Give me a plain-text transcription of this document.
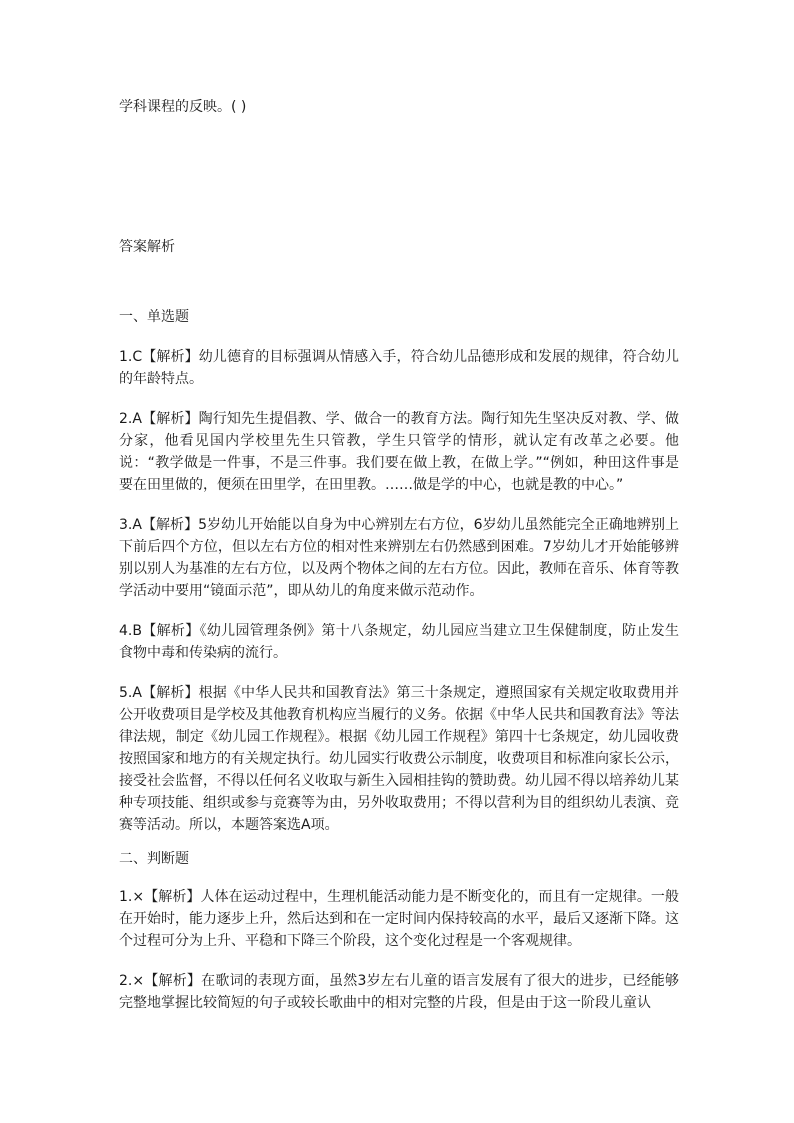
学科课程的反映。( )

答案解析

一、单选题

1.C【解析】幼儿德育的目标强调从情感入手，符合幼儿品德形成和发展的规律，符合幼儿的年龄特点。

2.A【解析】陶行知先生提倡教、学、做合一的教育方法。陶行知先生坚决反对教、学、做分家，他看见国内学校里先生只管教，学生只管学的情形，就认定有改革之必要。他说：“教学做是一件事，不是三件事。我们要在做上教，在做上学。”“例如，种田这件事是要在田里做的，便须在田里学，在田里教。……做是学的中心，也就是教的中心。”

3.A【解析】5岁幼儿开始能以自身为中心辨别左右方位，6岁幼儿虽然能完全正确地辨别上下前后四个方位，但以左右方位的相对性来辨别左右仍然感到困难。7岁幼儿才开始能够辨别以别人为基准的左右方位，以及两个物体之间的左右方位。因此，教师在音乐、体育等教学活动中要用“镜面示范”，即从幼儿的角度来做示范动作。

4.B【解析】《幼儿园管理条例》第十八条规定，幼儿园应当建立卫生保健制度，防止发生食物中毒和传染病的流行。

5.A【解析】根据《中华人民共和国教育法》第三十条规定，遵照国家有关规定收取费用并公开收费项目是学校及其他教育机构应当履行的义务。依据《中华人民共和国教育法》等法律法规，制定《幼儿园工作规程》。根据《幼儿园工作规程》第四十七条规定，幼儿园收费按照国家和地方的有关规定执行。幼儿园实行收费公示制度，收费项目和标准向家长公示，接受社会监督，不得以任何名义收取与新生入园相挂钩的赞助费。幼儿园不得以培养幼儿某种专项技能、组织或参与竞赛等为由，另外收取费用；不得以营利为目的组织幼儿表演、竞赛等活动。所以，本题答案选A项。

二、判断题

1.×【解析】人体在运动过程中，生理机能活动能力是不断变化的，而且有一定规律。一般在开始时，能力逐步上升，然后达到和在一定时间内保持较高的水平，最后又逐渐下降。这个过程可分为上升、平稳和下降三个阶段，这个变化过程是一个客观规律。

2.×【解析】在歌词的表现方面，虽然3岁左右儿童的语言发展有了很大的进步，已经能够完整地掌握比较简短的句子或较长歌曲中的相对完整的片段，但是由于这一阶段儿童认
